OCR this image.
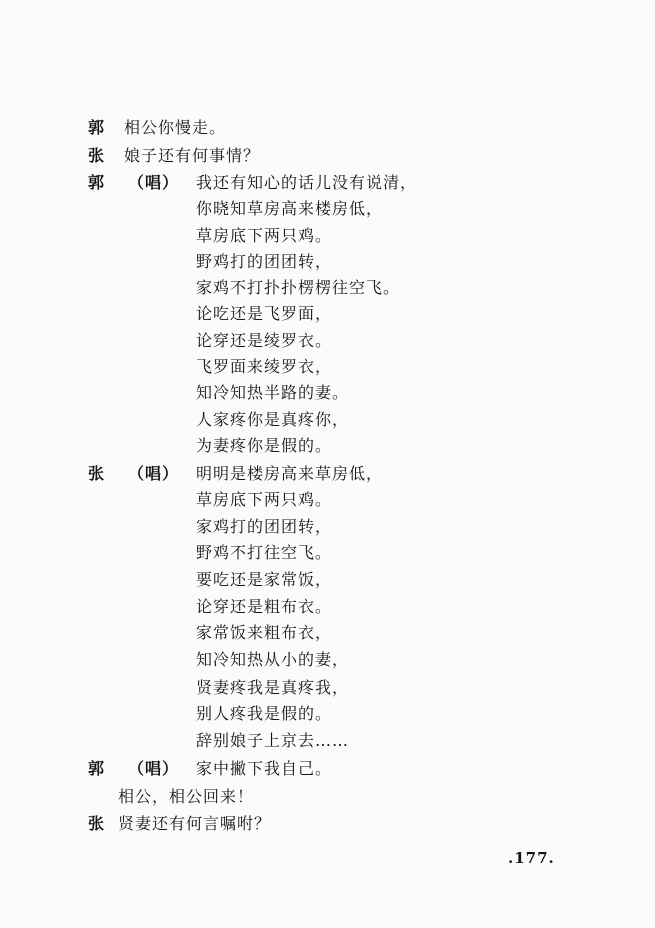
郭 相公你慢走。
张 娘子还有何事情？
郭 （唱） 我还有知心的话儿没有说清，
你晓知草房高来楼房低，
草房底下两只鸡。
野鸡打的团团转，
家鸡不打扑扑楞楞往空飞。
论吃还是飞罗面，
论穿还是绫罗衣。
飞罗面来绫罗衣，
知冷知热半路的妻。
人家疼你是真疼你，
为妻疼你是假的。
张 （唱） 明明是楼房高来草房低，
草房底下两只鸡。
家鸡打的团团转，
野鸡不打往空飞。
要吃还是家常饭，
论穿还是粗布衣。
家常饭来粗布衣，
知冷知热从小的妻，
贤妻疼我是真疼我，
别人疼我是假的。
辞别娘子上京去……
郭 （唱） 家中撇下我自己。
相公，相公回来！
张 贤妻还有何言嘱咐？
.177.
